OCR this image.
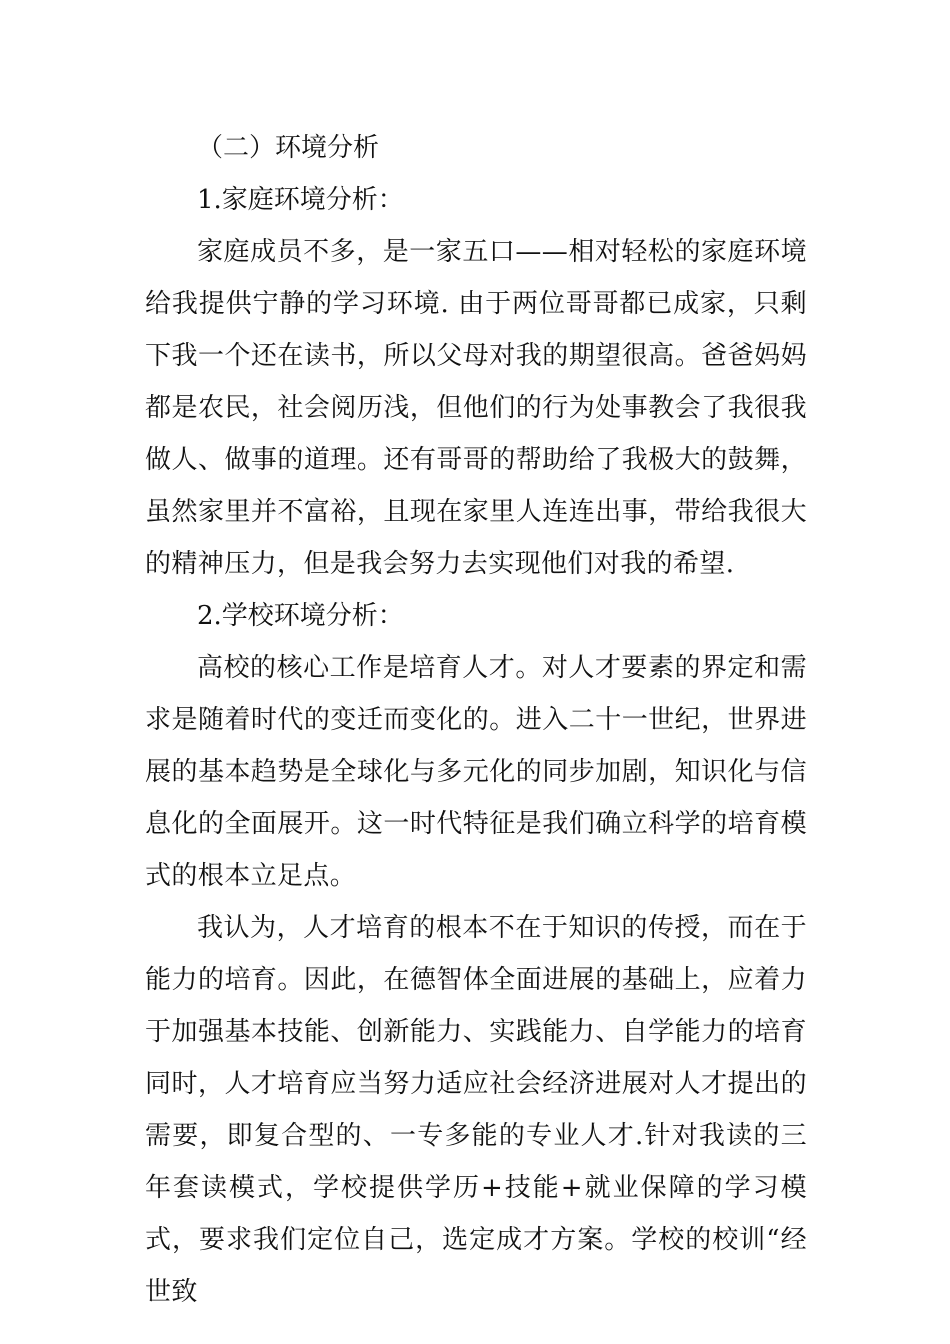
（二）环境分析

1.家庭环境分析：

家庭成员不多，是一家五口——相对轻松的家庭环境给我提供宁静的学习环境. 由于两位哥哥都已成家，只剩下我一个还在读书，所以父母对我的期望很高。爸爸妈妈都是农民，社会阅历浅，但他们的行为处事教会了我很我做人、做事的道理。还有哥哥的帮助给了我极大的鼓舞，虽然家里并不富裕，且现在家里人连连出事，带给我很大的精神压力，但是我会努力去实现他们对我的希望.

2.学校环境分析：

高校的核心工作是培育人才。对人才要素的界定和需求是随着时代的变迁而变化的。进入二十一世纪，世界进展的基本趋势是全球化与多元化的同步加剧，知识化与信息化的全面展开。这一时代特征是我们确立科学的培育模式的根本立足点。

我认为，人才培育的根本不在于知识的传授，而在于能力的培育。因此，在德智体全面进展的基础上，应着力于加强基本技能、创新能力、实践能力、自学能力的培育同时，人才培育应当努力适应社会经济进展对人才提出的需要，即复合型的、一专多能的专业人才.针对我读的三年套读模式，学校提供学历+技能+就业保障的学习模式，要求我们定位自己，选定成才方案。学校的校训“经世致
